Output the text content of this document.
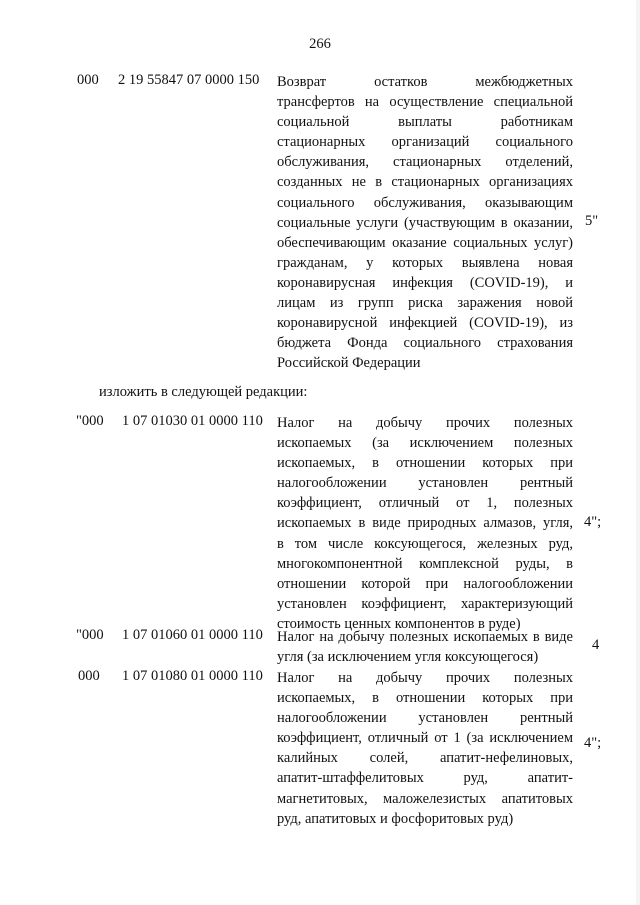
266
000 2 19 55847 07 0000 150 Возврат остатков межбюджетных
трансфертов на осуществление специальной
социальной выплаты работникам
стационарных организаций социального
обслуживания, стационарных отделений,
созданных не в стационарных организациях
социального обслуживания, оказывающим
социальные услуги (участвующим в оказании,
обеспечивающим оказание социальных услуг)
гражданам, у которых выявлена новая
коронавирусная инфекция (COVID-19), и
лицам из групп риска заражения новой
коронавирусной инфекцией (COVID-19), из
бюджета Фонда социального страхования
Российской Федерации
5"
изложить в следующей редакции:
"000 1 07 01030 01 0000 110 Налог на добычу прочих полезных
ископаемых (за исключением полезных
ископаемых, в отношении которых при
налогообложении установлен рентный
коэффициент, отличный от 1, полезных
ископаемых в виде природных алмазов, угля,
в том числе коксующегося, железных руд,
многокомпонентной комплексной руды, в
отношении которой при налогообложении
установлен коэффициент, характеризующий
стоимость ценных компонентов в руде)
4";
"000 1 07 01060 01 0000 110 Налог на добычу полезных ископаемых в виде
угля (за исключением угля коксующегося)
4
000 1 07 01080 01 0000 110 Налог на добычу прочих полезных
ископаемых, в отношении которых при
налогообложении установлен рентный
коэффициент, отличный от 1 (за исключением
калийных солей, апатит-нефелиновых,
апатит-штаффелитовых руд, апатит-
магнетитовых, маложелезистых апатитовых
руд, апатитовых и фосфоритовых руд)
4";
